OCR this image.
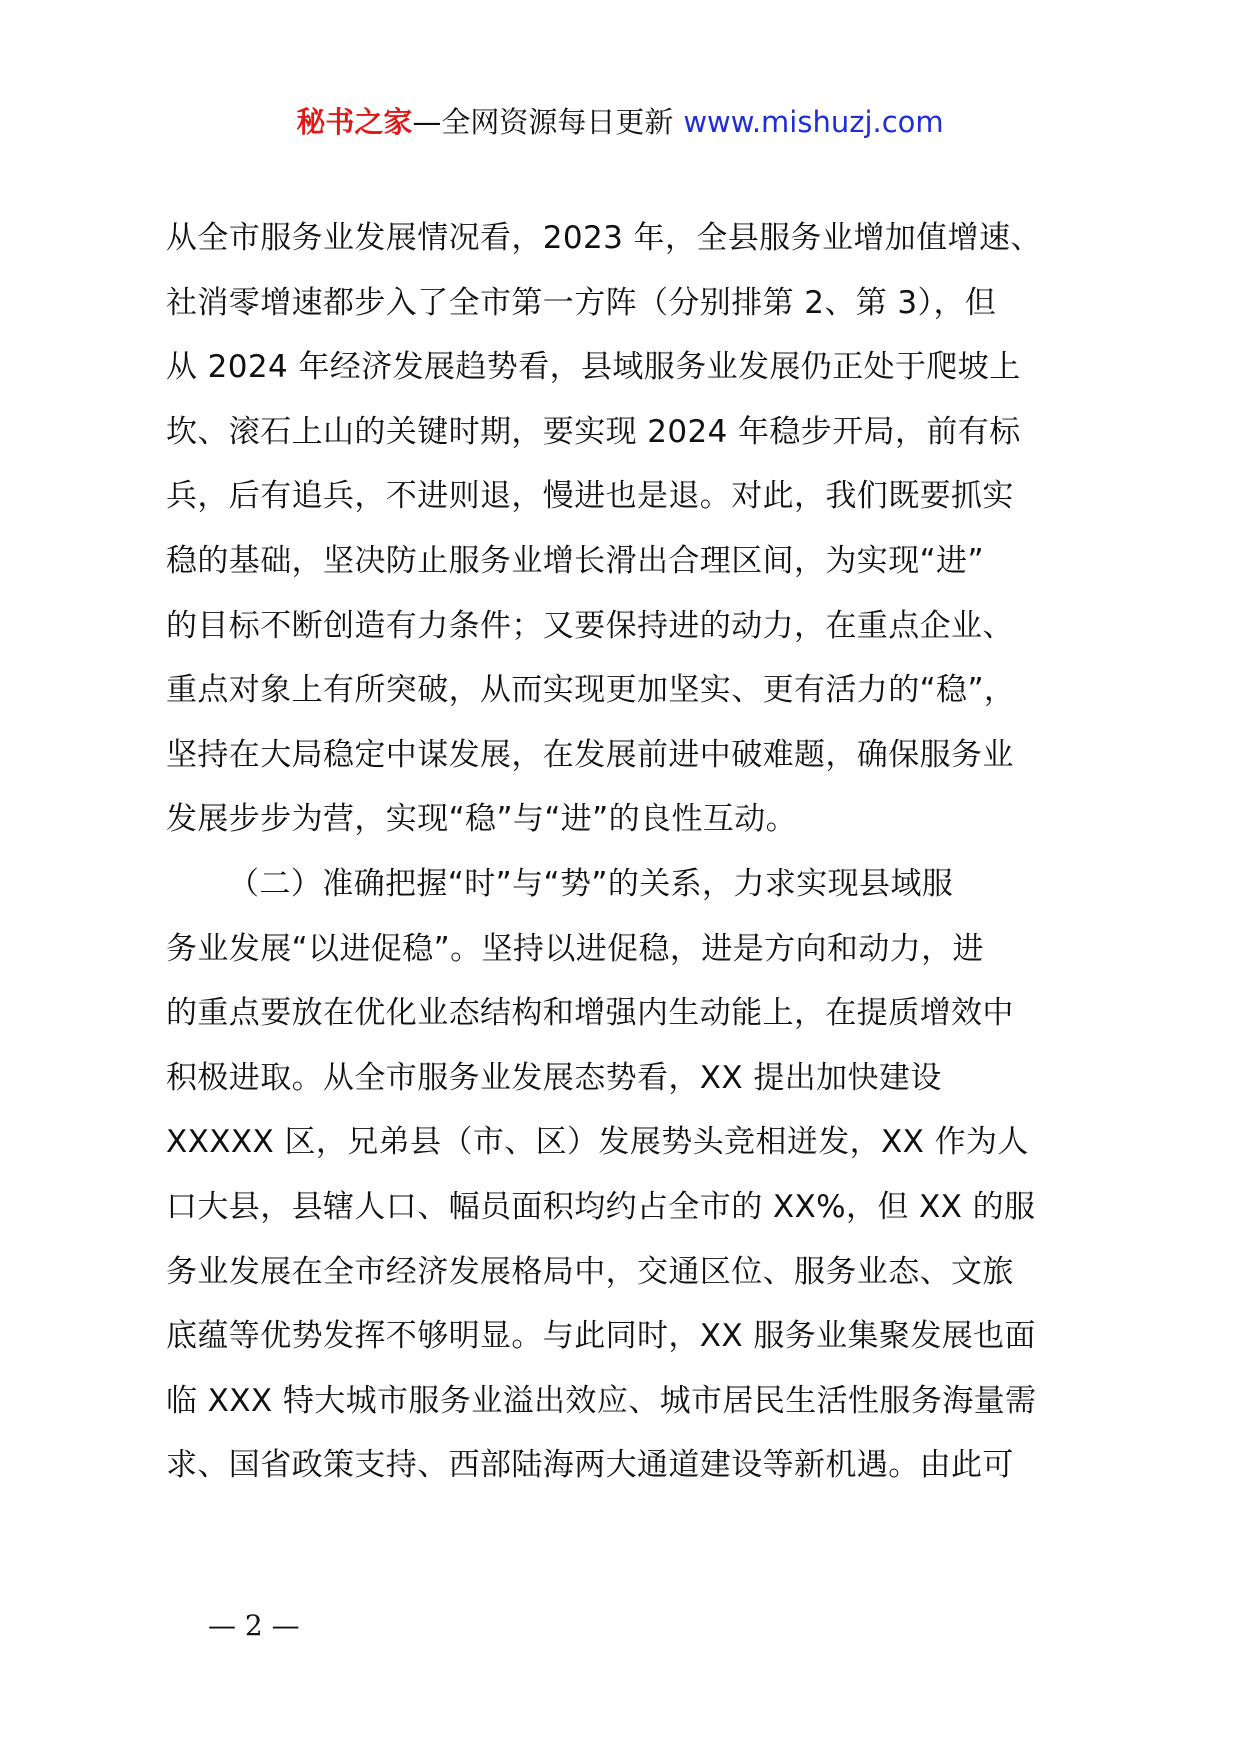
秘书之家—全网资源每日更新 www.mishuzj.com
从全市服务业发展情况看，2023 年，全县服务业增加值增速、
社消零增速都步入了全市第一方阵（分别排第 2、第 3），但
从 2024 年经济发展趋势看，县域服务业发展仍正处于爬坡上
坎、滚石上山的关键时期，要实现 2024 年稳步开局，前有标
兵，后有追兵，不进则退，慢进也是退。对此，我们既要抓实
稳的基础，坚决防止服务业增长滑出合理区间，为实现“进”
的目标不断创造有力条件；又要保持进的动力，在重点企业、
重点对象上有所突破，从而实现更加坚实、更有活力的“稳”，
坚持在大局稳定中谋发展，在发展前进中破难题，确保服务业
发展步步为营，实现“稳”与“进”的良性互动。
（二）准确把握“时”与“势”的关系，力求实现县域服
务业发展“以进促稳”。坚持以进促稳，进是方向和动力，进
的重点要放在优化业态结构和增强内生动能上，在提质增效中
积极进取。从全市服务业发展态势看，XX 提出加快建设
XXXXX 区，兄弟县（市、区）发展势头竞相迸发，XX 作为人
口大县，县辖人口、幅员面积均约占全市的 XX%，但 XX 的服
务业发展在全市经济发展格局中，交通区位、服务业态、文旅
底蕴等优势发挥不够明显。与此同时，XX 服务业集聚发展也面
临 XXX 特大城市服务业溢出效应、城市居民生活性服务海量需
求、国省政策支持、西部陆海两大通道建设等新机遇。由此可
— 2 —
